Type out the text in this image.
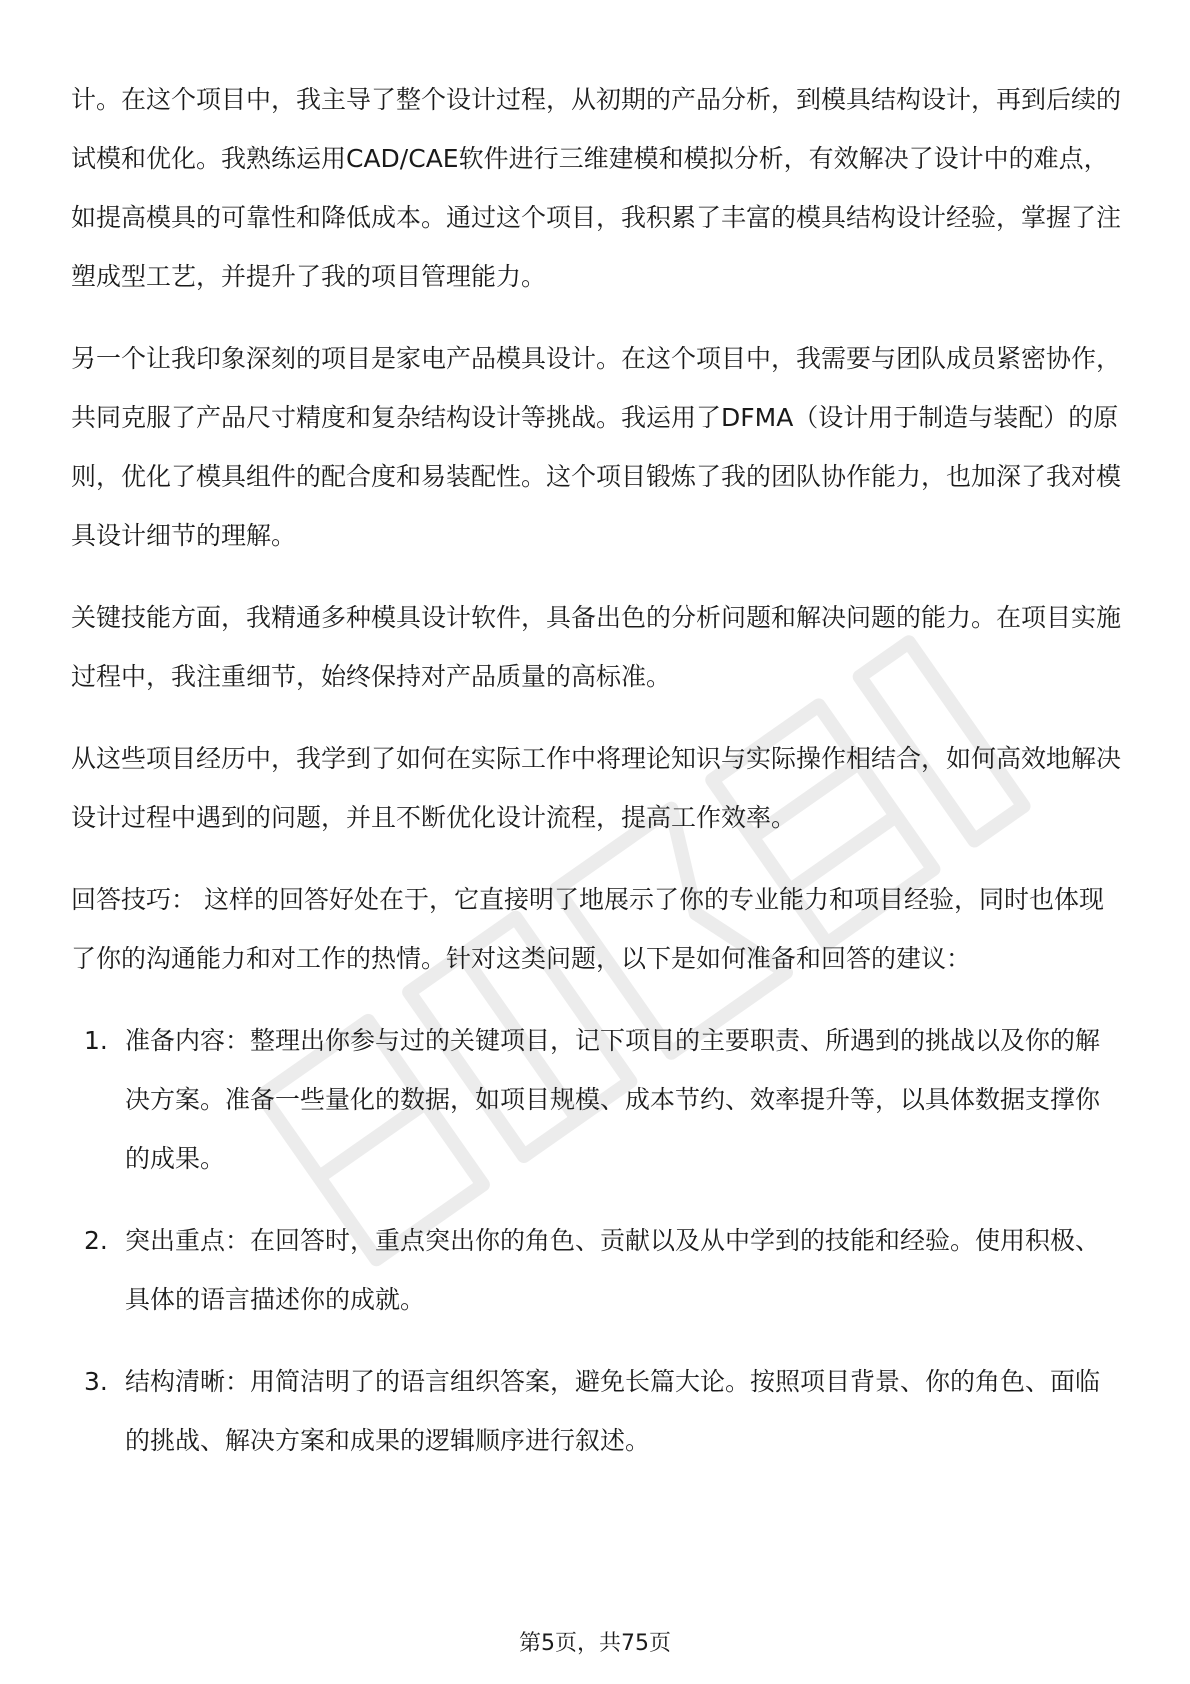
计。在这个项目中，我主导了整个设计过程，从初期的产品分析，到模具结构设计，再到后续的试模和优化。我熟练运用CAD/CAE软件进行三维建模和模拟分析，有效解决了设计中的难点，如提高模具的可靠性和降低成本。通过这个项目，我积累了丰富的模具结构设计经验，掌握了注塑成型工艺，并提升了我的项目管理能力。

另一个让我印象深刻的项目是家电产品模具设计。在这个项目中，我需要与团队成员紧密协作，共同克服了产品尺寸精度和复杂结构设计等挑战。我运用了DFMA（设计用于制造与装配）的原则，优化了模具组件的配合度和易装配性。这个项目锻炼了我的团队协作能力，也加深了我对模具设计细节的理解。

关键技能方面，我精通多种模具设计软件，具备出色的分析问题和解决问题的能力。在项目实施过程中，我注重细节，始终保持对产品质量的高标准。

从这些项目经历中，我学到了如何在实际工作中将理论知识与实际操作相结合，如何高效地解决设计过程中遇到的问题，并且不断优化设计流程，提高工作效率。

回答技巧： 这样的回答好处在于，它直接明了地展示了你的专业能力和项目经验，同时也体现了你的沟通能力和对工作的热情。针对这类问题，以下是如何准备和回答的建议：

1. 准备内容：整理出你参与过的关键项目，记下项目的主要职责、所遇到的挑战以及你的解决方案。准备一些量化的数据，如项目规模、成本节约、效率提升等，以具体数据支撑你的成果。
2. 突出重点：在回答时，重点突出你的角色、贡献以及从中学到的技能和经验。使用积极、具体的语言描述你的成就。
3. 结构清晰：用简洁明了的语言组织答案，避免长篇大论。按照项目背景、你的角色、面临的挑战、解决方案和成果的逻辑顺序进行叙述。
第5页，共75页
